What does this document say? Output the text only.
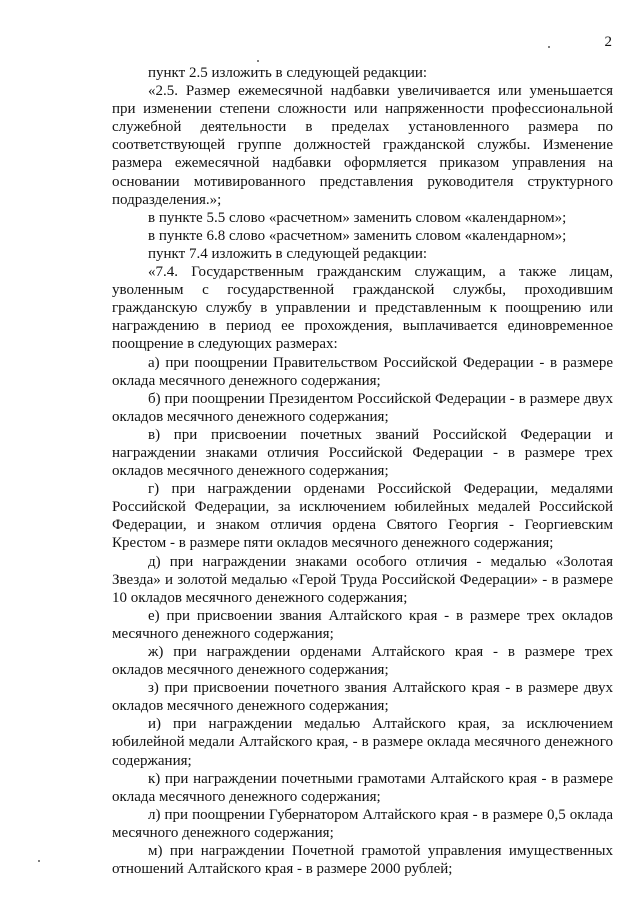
2

пункт 2.5 изложить в следующей редакции:

«2.5. Размер ежемесячной надбавки увеличивается или уменьшается при изменении степени сложности или напряженности профессиональной служебной деятельности в пределах установленного размера по соответствующей группе должностей гражданской службы. Изменение размера ежемесячной надбавки оформляется приказом управления на основании мотивированного представления руководителя структурного подразделения.»;

в пункте 5.5 слово «расчетном» заменить словом «календарном»;

в пункте 6.8 слово «расчетном» заменить словом «календарном»;

пункт 7.4 изложить в следующей редакции:

«7.4. Государственным гражданским служащим, а также лицам, уволенным с государственной гражданской службы, проходившим гражданскую службу в управлении и представленным к поощрению или награждению в период ее прохождения, выплачивается единовременное поощрение в следующих размерах:

а) при поощрении Правительством Российской Федерации - в размере оклада месячного денежного содержания;

б) при поощрении Президентом Российской Федерации - в размере двух окладов месячного денежного содержания;

в) при присвоении почетных званий Российской Федерации и награждении знаками отличия Российской Федерации - в размере трех окладов месячного денежного содержания;

г) при награждении орденами Российской Федерации, медалями Российской Федерации, за исключением юбилейных медалей Российской Федерации, и знаком отличия ордена Святого Георгия - Георгиевским Крестом - в размере пяти окладов месячного денежного содержания;

д) при награждении знаками особого отличия - медалью «Золотая Звезда» и золотой медалью «Герой Труда Российской Федерации» - в размере 10 окладов месячного денежного содержания;

е) при присвоении звания Алтайского края - в размере трех окладов месячного денежного содержания;

ж) при награждении орденами Алтайского края - в размере трех окладов месячного денежного содержания;

з) при присвоении почетного звания Алтайского края - в размере двух окладов месячного денежного содержания;

и) при награждении медалью Алтайского края, за исключением юбилейной медали Алтайского края, - в размере оклада месячного денежного содержания;

к) при награждении почетными грамотами Алтайского края - в размере оклада месячного денежного содержания;

л) при поощрении Губернатором Алтайского края - в размере 0,5 оклада месячного денежного содержания;

м) при награждении Почетной грамотой управления имущественных отношений Алтайского края - в размере 2000 рублей;
